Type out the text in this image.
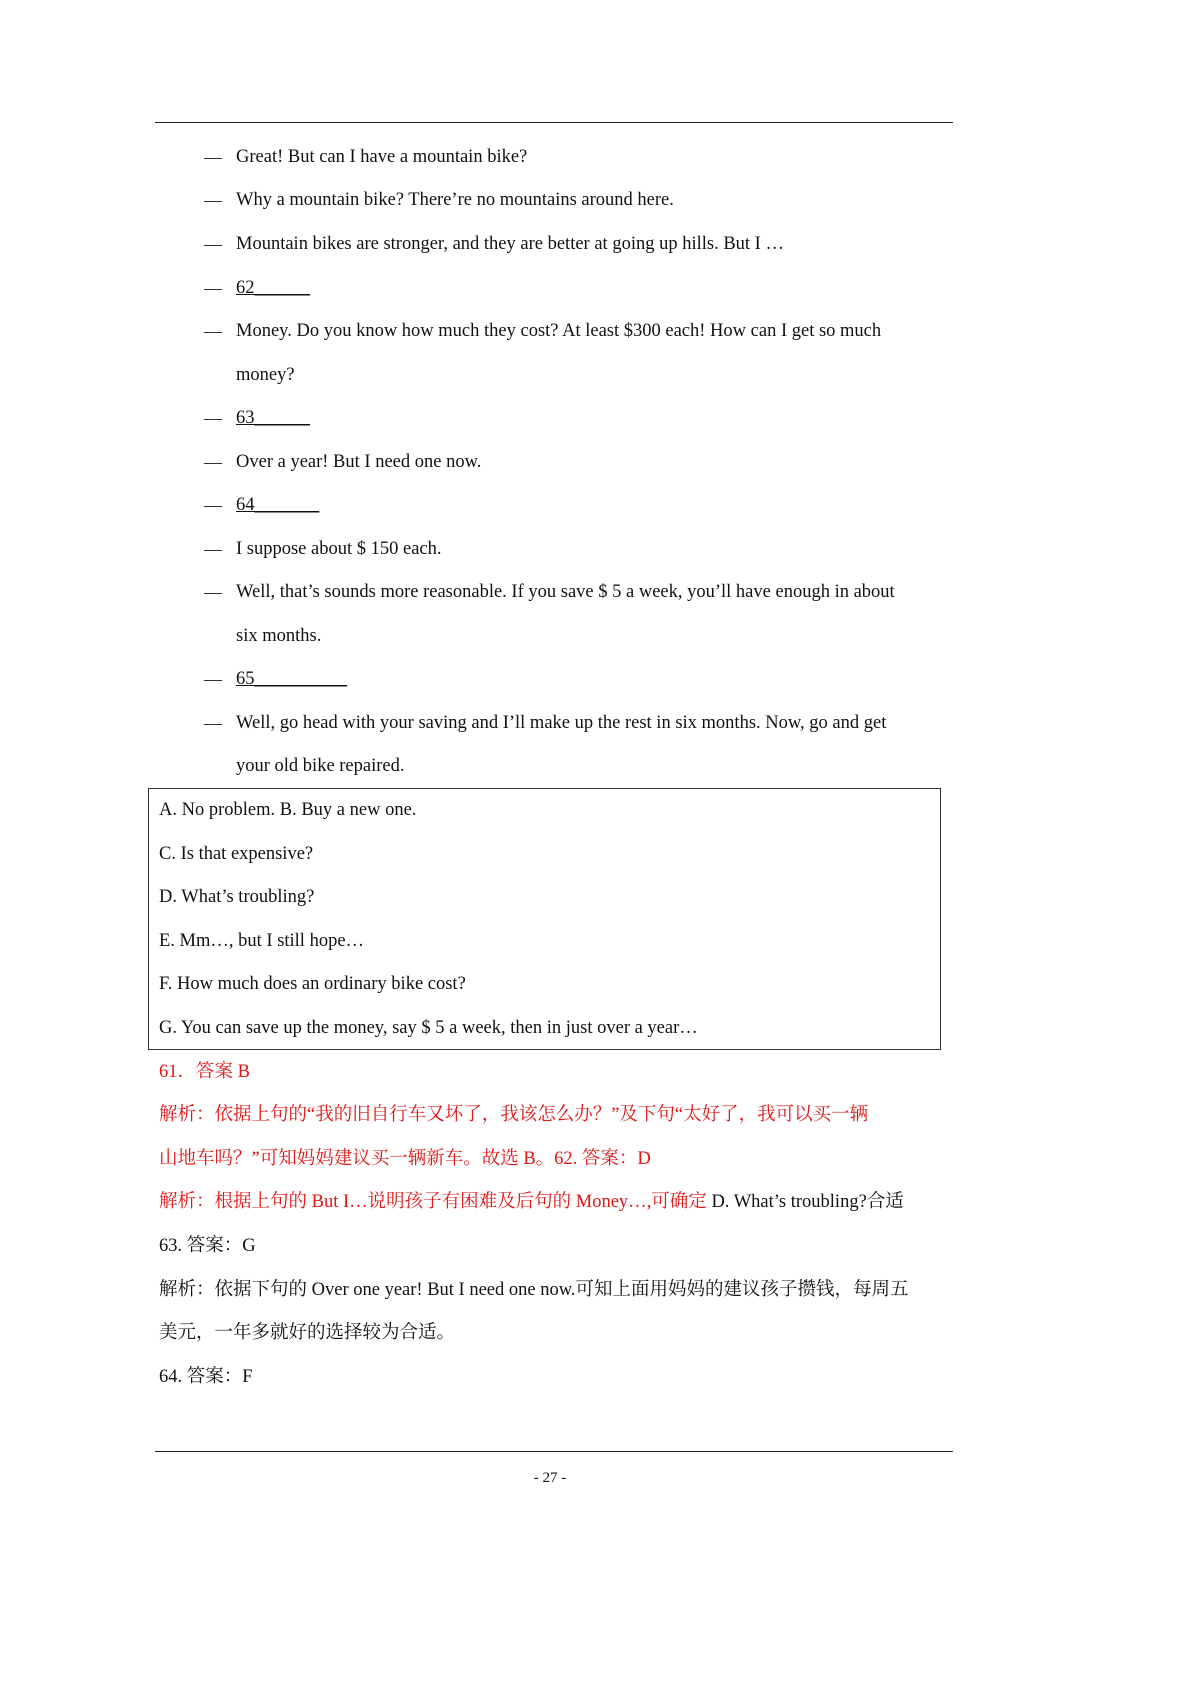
— Great! But can I have a mountain bike?
— Why a mountain bike? There’re no mountains around here.
— Mountain bikes are stronger, and they are better at going up hills. But I …
— 62______
— Money. Do you know how much they cost? At least $300 each! How can I get so much
money?
— 63______
— Over a year! But I need one now.
— 64_______
— I suppose about $ 150 each.
— Well, that’s sounds more reasonable. If you save $ 5 a week, you’ll have enough in about
six months.
— 65__________
— Well, go head with your saving and I’ll make up the rest in six months. Now, go and get
your old bike repaired.
A. No problem. B. Buy a new one.
C. Is that expensive?
D. What’s troubling?
E. Mm…, but I still hope…
F. How much does an ordinary bike cost?
G. You can save up the money, say $ 5 a week, then in just over a year…
61．答案 B
解析：依据上句的“我的旧自行车又坏了，我该怎么办？”及下句“太好了，我可以买一辆
山地车吗？”可知妈妈建议买一辆新车。故选 B。62. 答案：D
解析：根据上句的 But I…说明孩子有困难及后句的 Money…,可确定 D. What’s troubling?合适
63. 答案：G
解析：依据下句的 Over one year! But I need one now.可知上面用妈妈的建议孩子攒钱，每周五
美元，一年多就好的选择较为合适。
64. 答案：F
- 27 -
